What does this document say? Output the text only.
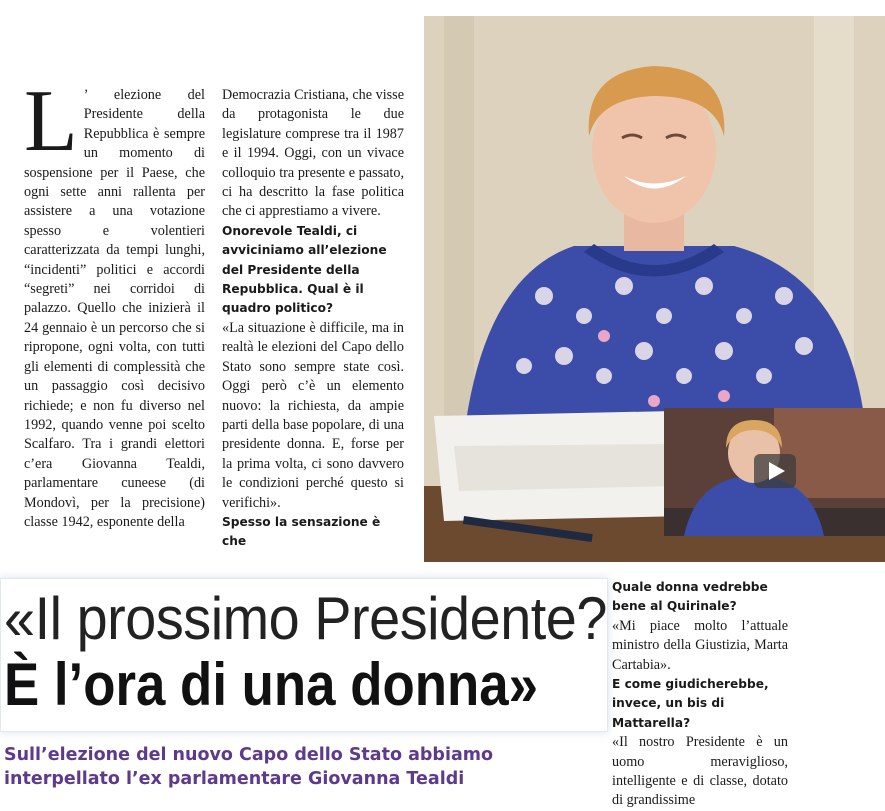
L ’ elezione del Presidente della Repubblica è sempre un momento di sospensione per il Paese, che ogni sette anni rallenta per assistere a una votazione spesso e volentieri caratterizzata da tempi lunghi, “incidenti” politici e accordi “segreti” nei corridoi di palazzo. Quello che inizierà il 24 gennaio è un percorso che si ripropone, ogni volta, con tutti gli elementi di complessità che un passaggio così decisivo richiede; e non fu diverso nel 1992, quando venne poi scelto Scalfaro. Tra i grandi elettori c’era Giovanna Tealdi, parlamentare cuneese (di Mondovì, per la precisione) classe 1942, esponente della

Democrazia Cristiana, che visse da protagonista le due legislature comprese tra il 1987 e il 1994. Oggi, con un vivace colloquio tra presente e passato, ci ha descritto la fase politica che ci apprestiamo a vivere.

Onorevole Tealdi, ci avviciniamo all’elezione del Presidente della Repubblica. Qual è il quadro politico?

«La situazione è difficile, ma in realtà le elezioni del Capo dello Stato sono sempre state così. Oggi però c’è un elemento nuovo: la richiesta, da ampie parti della base popolare, di una presidente donna. E, forse per la prima volta, ci sono davvero le condizioni perché questo si verifichi».

Spesso la sensazione è che

«Il prossimo Presidente?
È l’ora di una donna»
Sull’elezione del nuovo Capo dello Stato abbiamo
interpellato l’ex parlamentare Giovanna Tealdi

Quale donna vedrebbe bene al Quirinale?

«Mi piace molto l’attuale ministro della Giustizia, Marta Cartabia».

E come giudicherebbe, invece, un bis di Mattarella?

«Il nostro Presidente è un uomo meraviglioso, intelligente e di classe, dotato di grandissime
